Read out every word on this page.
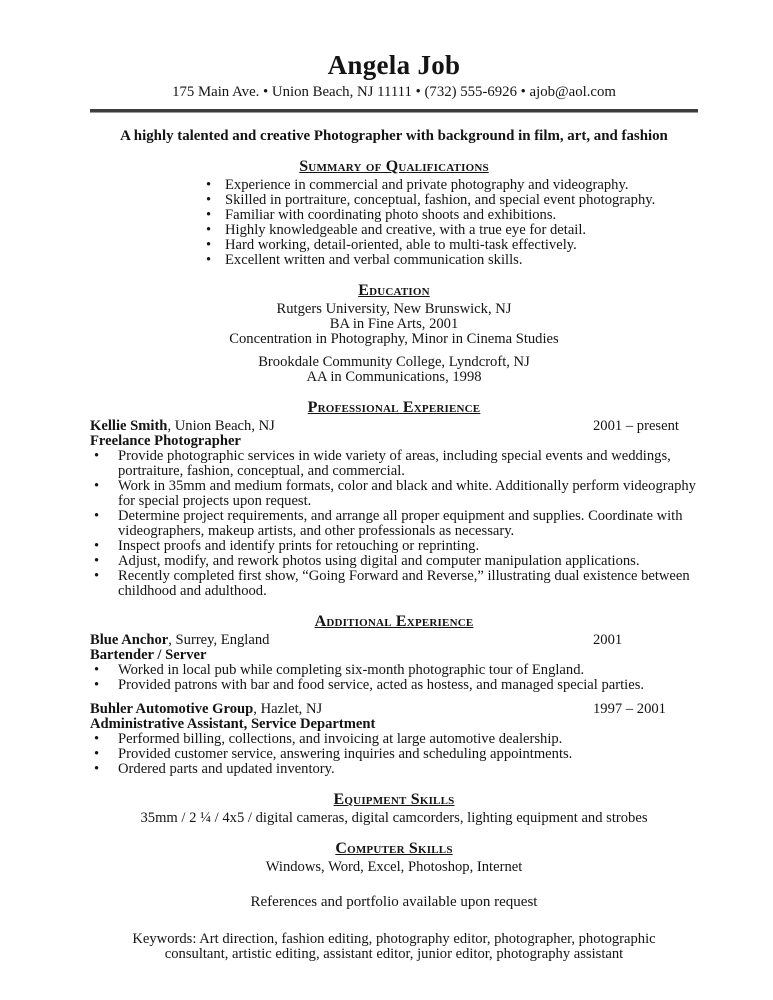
Angela Job
175 Main Ave. • Union Beach, NJ 11111 • (732) 555-6926 • ajob@aol.com

A highly talented and creative Photographer with background in film, art, and fashion

Summary of Qualifications
• Experience in commercial and private photography and videography.
• Skilled in portraiture, conceptual, fashion, and special event photography.
• Familiar with coordinating photo shoots and exhibitions.
• Highly knowledgeable and creative, with a true eye for detail.
• Hard working, detail-oriented, able to multi-task effectively.
• Excellent written and verbal communication skills.
Education
Rutgers University, New Brunswick, NJ
BA in Fine Arts, 2001
Concentration in Photography, Minor in Cinema Studies
Brookdale Community College, Lyndcroft, NJ
AA in Communications, 1998
Professional Experience
Kellie Smith, Union Beach, NJ	2001 – present
Freelance Photographer
• Provide photographic services in wide variety of areas, including special events and weddings, portraiture, fashion, conceptual, and commercial.
• Work in 35mm and medium formats, color and black and white. Additionally perform videography for special projects upon request.
• Determine project requirements, and arrange all proper equipment and supplies. Coordinate with videographers, makeup artists, and other professionals as necessary.
• Inspect proofs and identify prints for retouching or reprinting.
• Adjust, modify, and rework photos using digital and computer manipulation applications.
• Recently completed first show, “Going Forward and Reverse,” illustrating dual existence between childhood and adulthood.
Additional Experience
Blue Anchor, Surrey, England	2001
Bartender / Server
• Worked in local pub while completing six-month photographic tour of England.
• Provided patrons with bar and food service, acted as hostess, and managed special parties.
Buhler Automotive Group, Hazlet, NJ	1997 – 2001
Administrative Assistant, Service Department
• Performed billing, collections, and invoicing at large automotive dealership.
• Provided customer service, answering inquiries and scheduling appointments.
• Ordered parts and updated inventory.
Equipment Skills
35mm / 2 ¼ / 4x5 / digital cameras, digital camcorders, lighting equipment and strobes
Computer Skills
Windows, Word, Excel, Photoshop, Internet
References and portfolio available upon request
Keywords: Art direction, fashion editing, photography editor, photographer, photographic consultant, artistic editing, assistant editor, junior editor, photography assistant
